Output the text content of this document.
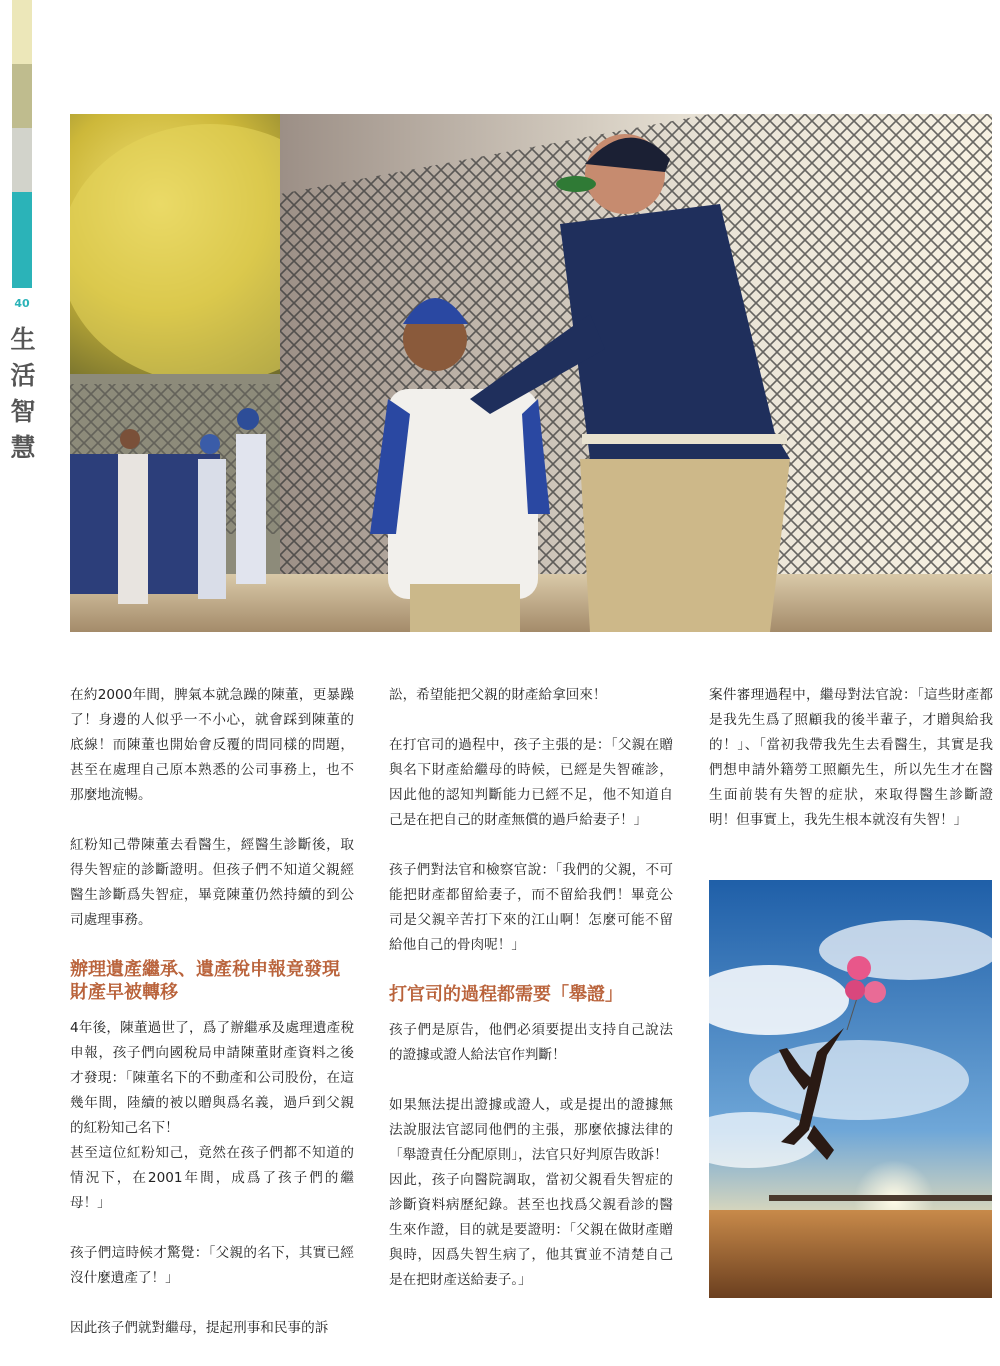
40
生活智慧

在約2000年間，脾氣本就急躁的陳董，更暴躁了！身邊的人似乎一不小心，就會踩到陳董的底線！而陳董也開始會反覆的問同樣的問題，甚至在處理自己原本熟悉的公司事務上，也不那麼地流暢。

紅粉知己帶陳董去看醫生，經醫生診斷後，取得失智症的診斷證明。但孩子們不知道父親經醫生診斷爲失智症，畢竟陳董仍然持續的到公司處理事務。

辦理遺產繼承、遺產稅申報竟發現財產早被轉移

4年後，陳董過世了，爲了辦繼承及處理遺產稅申報，孩子們向國稅局申請陳董財產資料之後才發現：「陳董名下的不動產和公司股份，在這幾年間，陸續的被以贈與爲名義，過戶到父親的紅粉知己名下！

甚至這位紅粉知己，竟然在孩子們都不知道的情況下，在2001年間，成爲了孩子們的繼母！」

孩子們這時候才驚覺：「父親的名下，其實已經沒什麼遺產了！」

因此孩子們就對繼母，提起刑事和民事的訴

訟，希望能把父親的財產給拿回來！

在打官司的過程中，孩子主張的是：「父親在贈與名下財產給繼母的時候，已經是失智確診，因此他的認知判斷能力已經不足，他不知道自己是在把自己的財產無償的過戶給妻子！」

孩子們對法官和檢察官說：「我們的父親，不可能把財產都留給妻子，而不留給我們！畢竟公司是父親辛苦打下來的江山啊！怎麼可能不留給他自己的骨肉呢！」

打官司的過程都需要「舉證」

孩子們是原告，他們必須要提出支持自己說法的證據或證人給法官作判斷！

如果無法提出證據或證人，或是提出的證據無法說服法官認同他們的主張，那麼依據法律的「舉證責任分配原則」，法官只好判原告敗訴！

因此，孩子向醫院調取，當初父親看失智症的診斷資料病歷紀錄。甚至也找爲父親看診的醫生來作證，目的就是要證明：「父親在做財產贈與時，因爲失智生病了，他其實並不清楚自己是在把財產送給妻子。」

案件審理過程中，繼母對法官說：「這些財產都是我先生爲了照顧我的後半輩子，才贈與給我的！」、「當初我帶我先生去看醫生，其實是我們想申請外籍勞工照顧先生，所以先生才在醫生面前裝有失智的症狀，來取得醫生診斷證明！但事實上，我先生根本就沒有失智！」
